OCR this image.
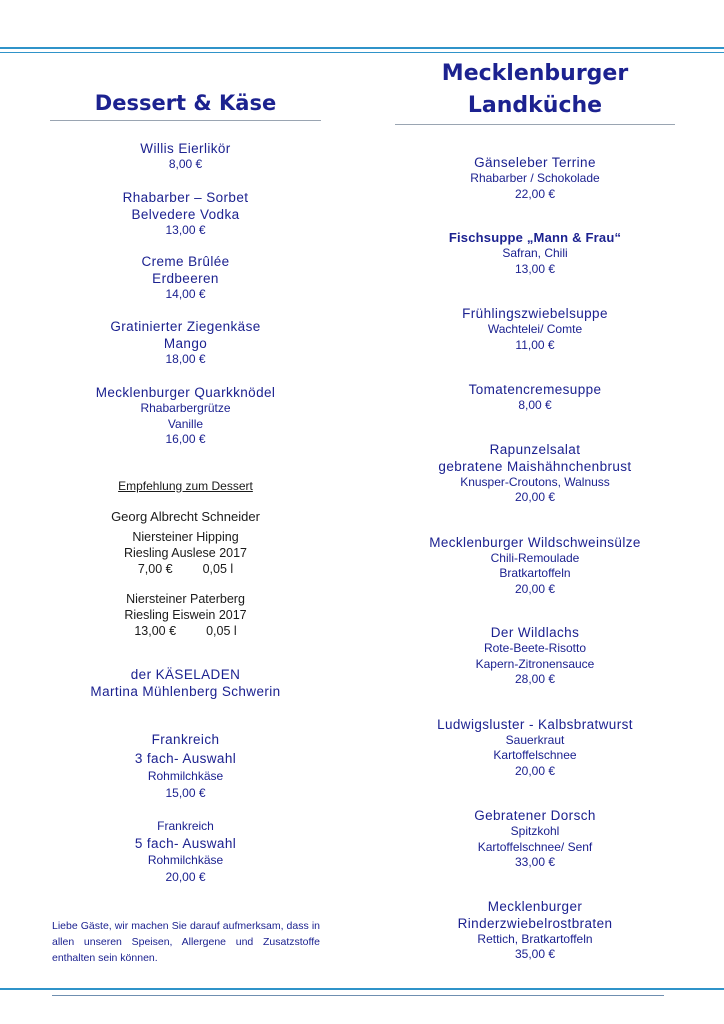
Dessert & Käse
Willis Eierlikör
8,00 €
Rhabarber – Sorbet
Belvedere Vodka
13,00 €
Creme Brûlée
Erdbeeren
14,00 €
Gratinierter Ziegenkäse
Mango
18,00 €
Mecklenburger Quarkknödel
Rhabarbergrütze
Vanille
16,00 €
Empfehlung zum Dessert
Georg Albrecht Schneider
Niersteiner Hipping
Riesling Auslese 2017
7,00 € 0,05 l
Niersteiner Paterberg
Riesling Eiswein 2017
13,00 € 0,05 l
der KÄSELADEN
Martina Mühlenberg Schwerin
Frankreich
3 fach- Auswahl
Rohmilchkäse
15,00 €
Frankreich
5 fach- Auswahl
Rohmilchkäse
20,00 €
Liebe Gäste, wir machen Sie darauf aufmerksam, dass in allen unseren Speisen, Allergene und Zusatzstoffe enthalten sein können.
Mecklenburger
Landküche
Gänseleber Terrine
Rhabarber / Schokolade
22,00 €
Fischsuppe „Mann & Frau“
Safran, Chili
13,00 €
Frühlingszwiebelsuppe
Wachtelei/ Comte
11,00 €
Tomatencremesuppe
8,00 €
Rapunzelsalat
gebratene Maishähnchenbrust
Knusper-Croutons, Walnuss
20,00 €
Mecklenburger Wildschweinsülze
Chili-Remoulade
Bratkartoffeln
20,00 €
Der Wildlachs
Rote-Beete-Risotto
Kapern-Zitronensauce
28,00 €
Ludwigsluster - Kalbsbratwurst
Sauerkraut
Kartoffelschnee
20,00 €
Gebratener Dorsch
Spitzkohl
Kartoffelschnee/ Senf
33,00 €
Mecklenburger
Rinderzwiebelrostbraten
Rettich, Bratkartoffeln
35,00 €
